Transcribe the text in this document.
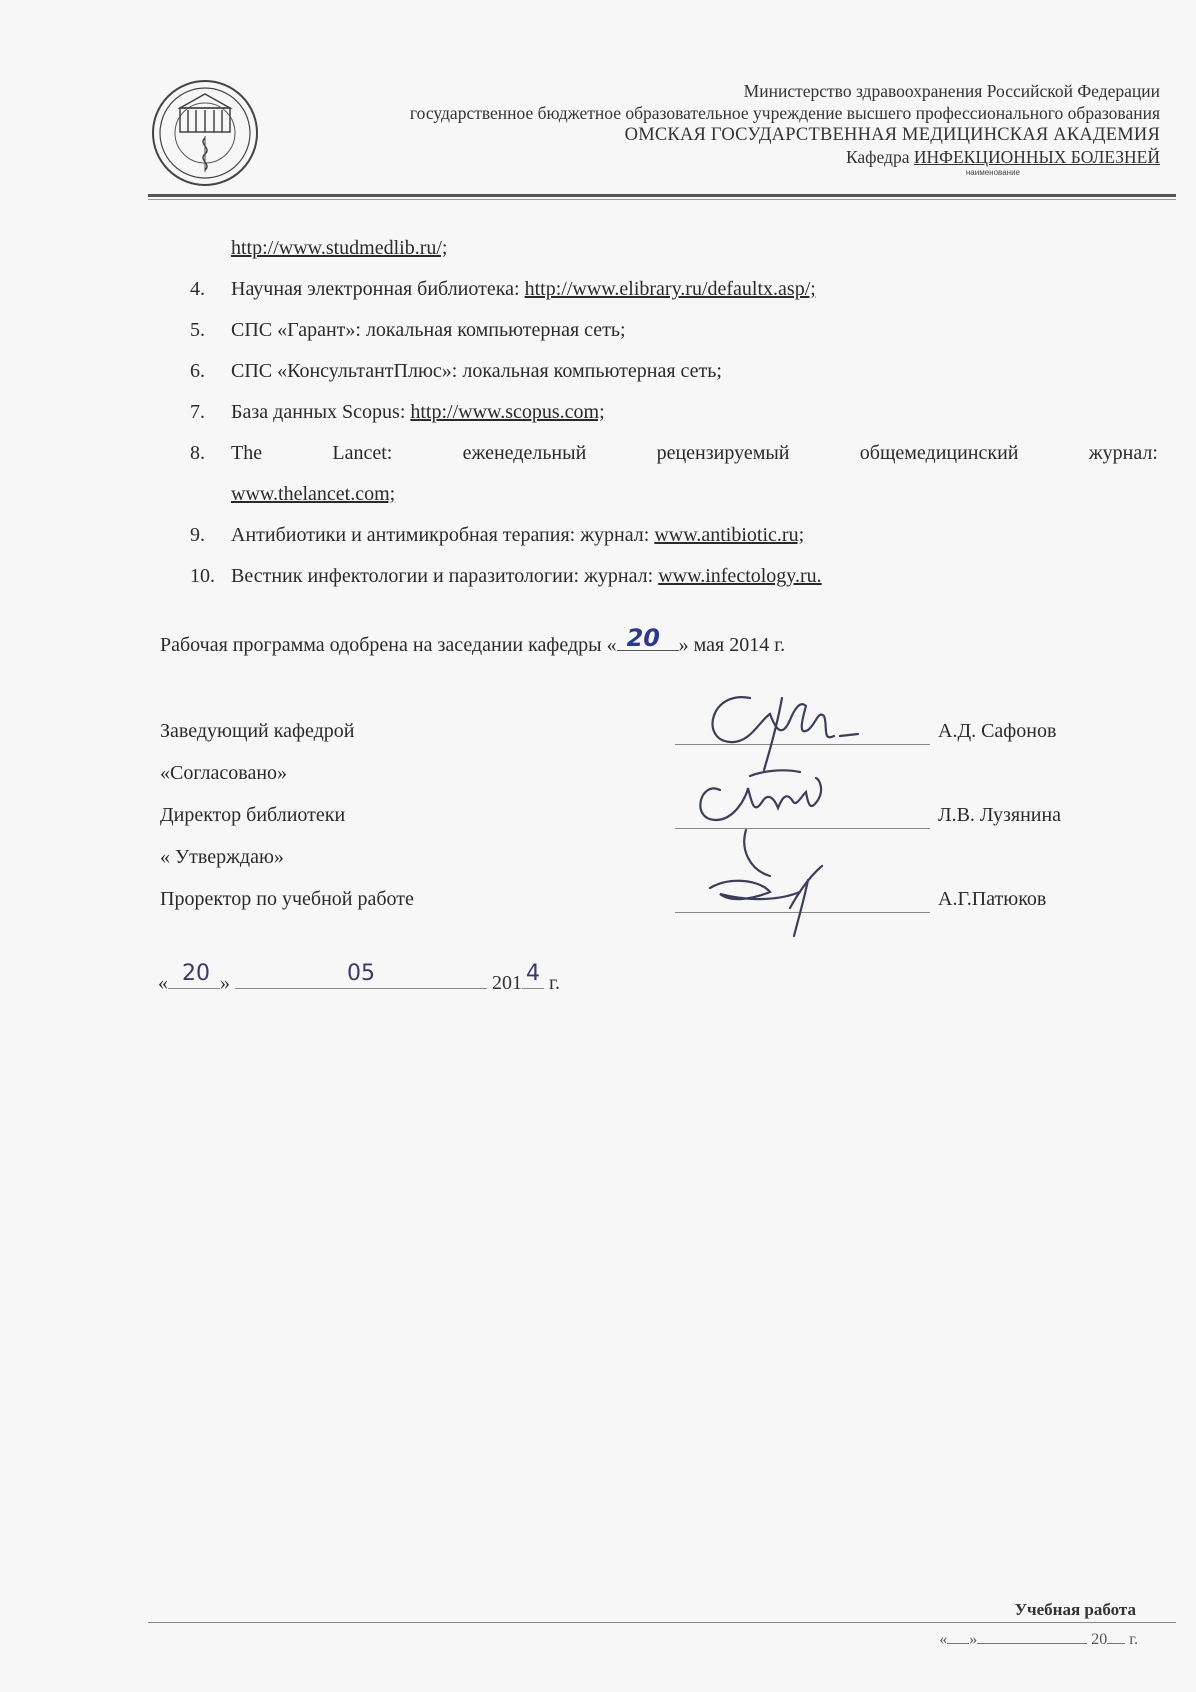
Министерство здравоохранения Российской Федерации
государственное бюджетное образовательное учреждение высшего профессионального образования
ОМСКАЯ ГОСУДАРСТВЕННАЯ МЕДИЦИНСКАЯ АКАДЕМИЯ
Кафедра ИНФЕКЦИОННЫХ БОЛЕЗНЕЙ
наименование
http://www.studmedlib.ru/;
4.	Научная электронная библиотека: http://www.elibrary.ru/defaultx.asp/;
5.	СПС «Гарант»: локальная компьютерная сеть;
6.	СПС «КонсультантПлюс»: локальная компьютерная сеть;
7.	База данных Scopus: http://www.scopus.com;
8.	The	Lancet:	еженедельный	рецензируемый	общемедицинский	журнал:
www.thelancet.com;
9.	Антибиотики и антимикробная терапия: журнал: www.antibiotic.ru;
10. Вестник инфектологии и паразитологии: журнал: www.infectology.ru.
Рабочая программа одобрена на заседании кафедры « 20 » мая 2014 г.
Заведующий кафедрой	А.Д. Сафонов
«Согласовано»
Директор библиотеки	Л.В. Лузянина
« Утверждаю»
Проректор по учебной работе	А.Г.Патюков
« 20 »	05	201 4 г.
Учебная работа
« »	20 г.
